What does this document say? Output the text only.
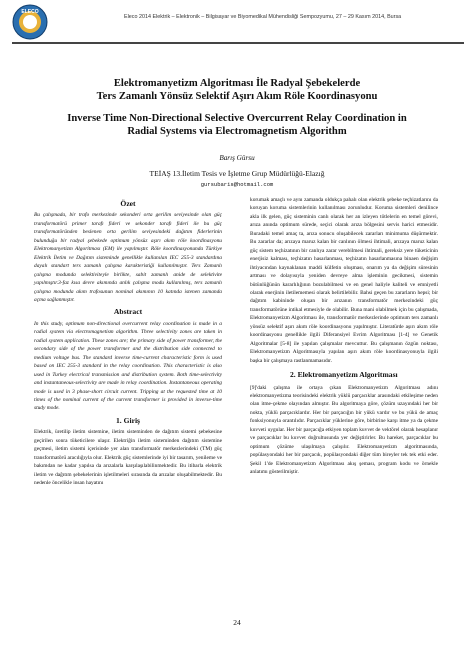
ELECO
Eleco 2014 Elektrik – Elektronik – Bilgisayar ve Biyomedikal Mühendisliği Sempozyumu, 27 – 29 Kasım 2014, Bursa
Elektromanyetizm Algoritması İle Radyal Şebekelerde
Ters Zamanlı Yönsüz Selektif Aşırı Akım Röle Koordinasyonu
Inverse Time Non-Directional Selective Overcurrent Relay Coordination in
Radial Systems via Electromagnetism Algorithm
Barış Gürsu
TEİAŞ 13.İletim Tesis ve İşletme Grup Müdürlüğü-Elazığ
gursubaris@hotmail.com
Özet

Bu çalışmada, bir trafo merkezinde sekonderi orta gerilim seviyesinde olan güç transformatörü primer tarafı fideri ve sekonder tarafı fideri ile bu güç transformatöründen beslenen orta gerilim seviyesindeki dağıtım fiderlerinin bulunduğu bir radyal şebekede optimum yönsüz aşırı akım röle koordinasyonu Elektromanyetizm Algoritması (EM) ile yapılmıştır. Röle koordinasyonunda Türkiye Elektrik İletim ve Dağıtım sisteminde genellikle kullanılan IEC 255-3 standardına dayalı standart ters zamanlı çalışma karakteristiği kullanılmıştır. Ters Zamanlı çalışma modunda selektiviteyle birlikte, sabit zamanlı anide de selektivite yapılmıştır.3-faz kısa devre akımında anlık çalışma modu kullanılmış, ters zamanlı çalışma modunda akım trafosunun nominal akımının 10 katında istenen zamanda açma sağlanmıştır.

Abstract

In this study, optimum non-directional overcurrent relay coordination is made in a radial system via electromagnetism algorithm. Three selectivity zones are taken in radial system application. These zones are; the primary side of power transformer, the secondary side of the power transformer and the distribution side connected to medium voltage bus. The standard inverse time-current characteristic form is used based on IEC 255-3 standard in the relay coordination. This characteristic is also used in Turkey electrical transmission and distribution system. Both time-selectivity and instantaneous-selectivity are made in relay coordination. Instantaneous operating mode is used in 3 phase-short circuit current. Tripping at the requested time at 10 times of the nominal current of the current transformer is provided in inverse-time study mode.

1. Giriş

Elektrik, üretilip iletim sistemine, iletim sisteminden de dağıtım sistemi şebekesine geçirilen sonra tüketicilere ulaşır. Elektriğin iletim sisteminden dağıtım sistemine geçmesi, iletim sistemi içerisinde yer alan transformatör merkezlerindeki (TM) güç transformatörü aracılığıyla olur. Elektrik güç sistemlerinde iyi bir tasarım, yenileme ve bakımdan ne kadar yapılsa da arızalarla karşılaşılabilinmektedir. Bu itibarla elektrik iletim ve dağıtım şebekelerinin işletilmeleri sırasında da arızalar oluşabilmektedir. Bu nedenle öncelikle insan hayatını

korumak amaçlı ve aynı zamanda oldukça pahalı olan elektrik şebeke teçhizatlarını da koruyan koruma sistemlerinin kullanılması zorunludur. Koruma sistemleri denilince akla ilk gelen, güç sisteminin canlı olarak her an izleyen tötlelerin en temel görevi, arıza anında optimum sürede, seçici olarak arıza bölgesini servis harici etmesidir. Buradaki temel amaç ta, arıza sonucu oluşabilecek zararları minimuma düşürmektir. Bu zararlar da; arızaya maruz kalan bir canlının ölmesi ihtimali, arızaya maruz kalan güç sistem teçhizatının bir canlıya zarar verebilmesi ihtimali, gereksiz yere tüketicinin enerjisiz kalması, teçhizatın hasarlanması, teçhizatın hasarlanmasına binaen değişim ihtiyacından kaynaklanan maddi külfetin oluşması, onarım ya da değişim süresinin artması ve dolayısıyla yeniden devreye alma işleminin gecikmesi, sistemin bütünlüğünün kararlılığının bozulabilmesi ve en genel haliyle kaliteli ve emniyetli olarak enerjinin iletilememesi olarak belirtilebilir. Bahsi geçen bu zararların hepsi; bir dağıtım kabininde oluşan bir arızanın transformatör merkezindeki güç transformatörüne intikal etmesiyle de olabilir. Buna mani olabilmek için bu çalışmada, Elektromanyetizm Algoritması ile, transformatör merkezlerinde optimum ters zamanlı yönsüz selektif aşırı akım röle koordinasyonu yapılmıştır. Literatürde aşırı akım röle koordinasyonu genellikle ilgili Diferansiyel Evrim Algoritması [1-4] ve Genetik Algoritmalar [5-8] ile yapılan çalışmalar mevcuttur. Bu çalışmanın özgün noktası, Elektromanyetizm Algoritmasıyla yapılan aşırı akım röle koordinasyonuyla ilgili başka bir çalışmaya rastlanmamasıdır.

2. Elektromanyetizm Algoritması

[9]'daki çalışma ile ortaya çıkan Elektromanyetizm Algoritması adını elektromanyetizma teorisindeki elektrik yüklü parçacıklar arasındaki etkileşime neden olan itme-çekme olayından almıştır. Bu algoritmaya göre, çözüm uzayındaki her bir nokta, yüklü parçacıklardır. Her bir parçacığın bir yükü vardır ve bu yükü de amaç fonksiyonuyla orantılıdır. Parçacıklar yüklerine göre, birbirine karşı itme ya da çekme kuvveti uygular. Her bir parçacığa etkiyen toplam kuvvet de vektörel olarak hesaplanır ve parçacıklar bu kuvvet doğrultusunda yer değiştirirler. Bu hareket, parçacıklar bu optimum çözüme ulaşılmaya çalışılır. Elektromanyetizm algoritmasında, popülasyondaki her bir parçacık, popülasyondaki diğer tüm bireyler tek tek etki eder. Şekil 1'de Elektromanyetizm Algoritması akış şeması, program kodu ve örnekle anlatımı gösterilmiştir.

24
